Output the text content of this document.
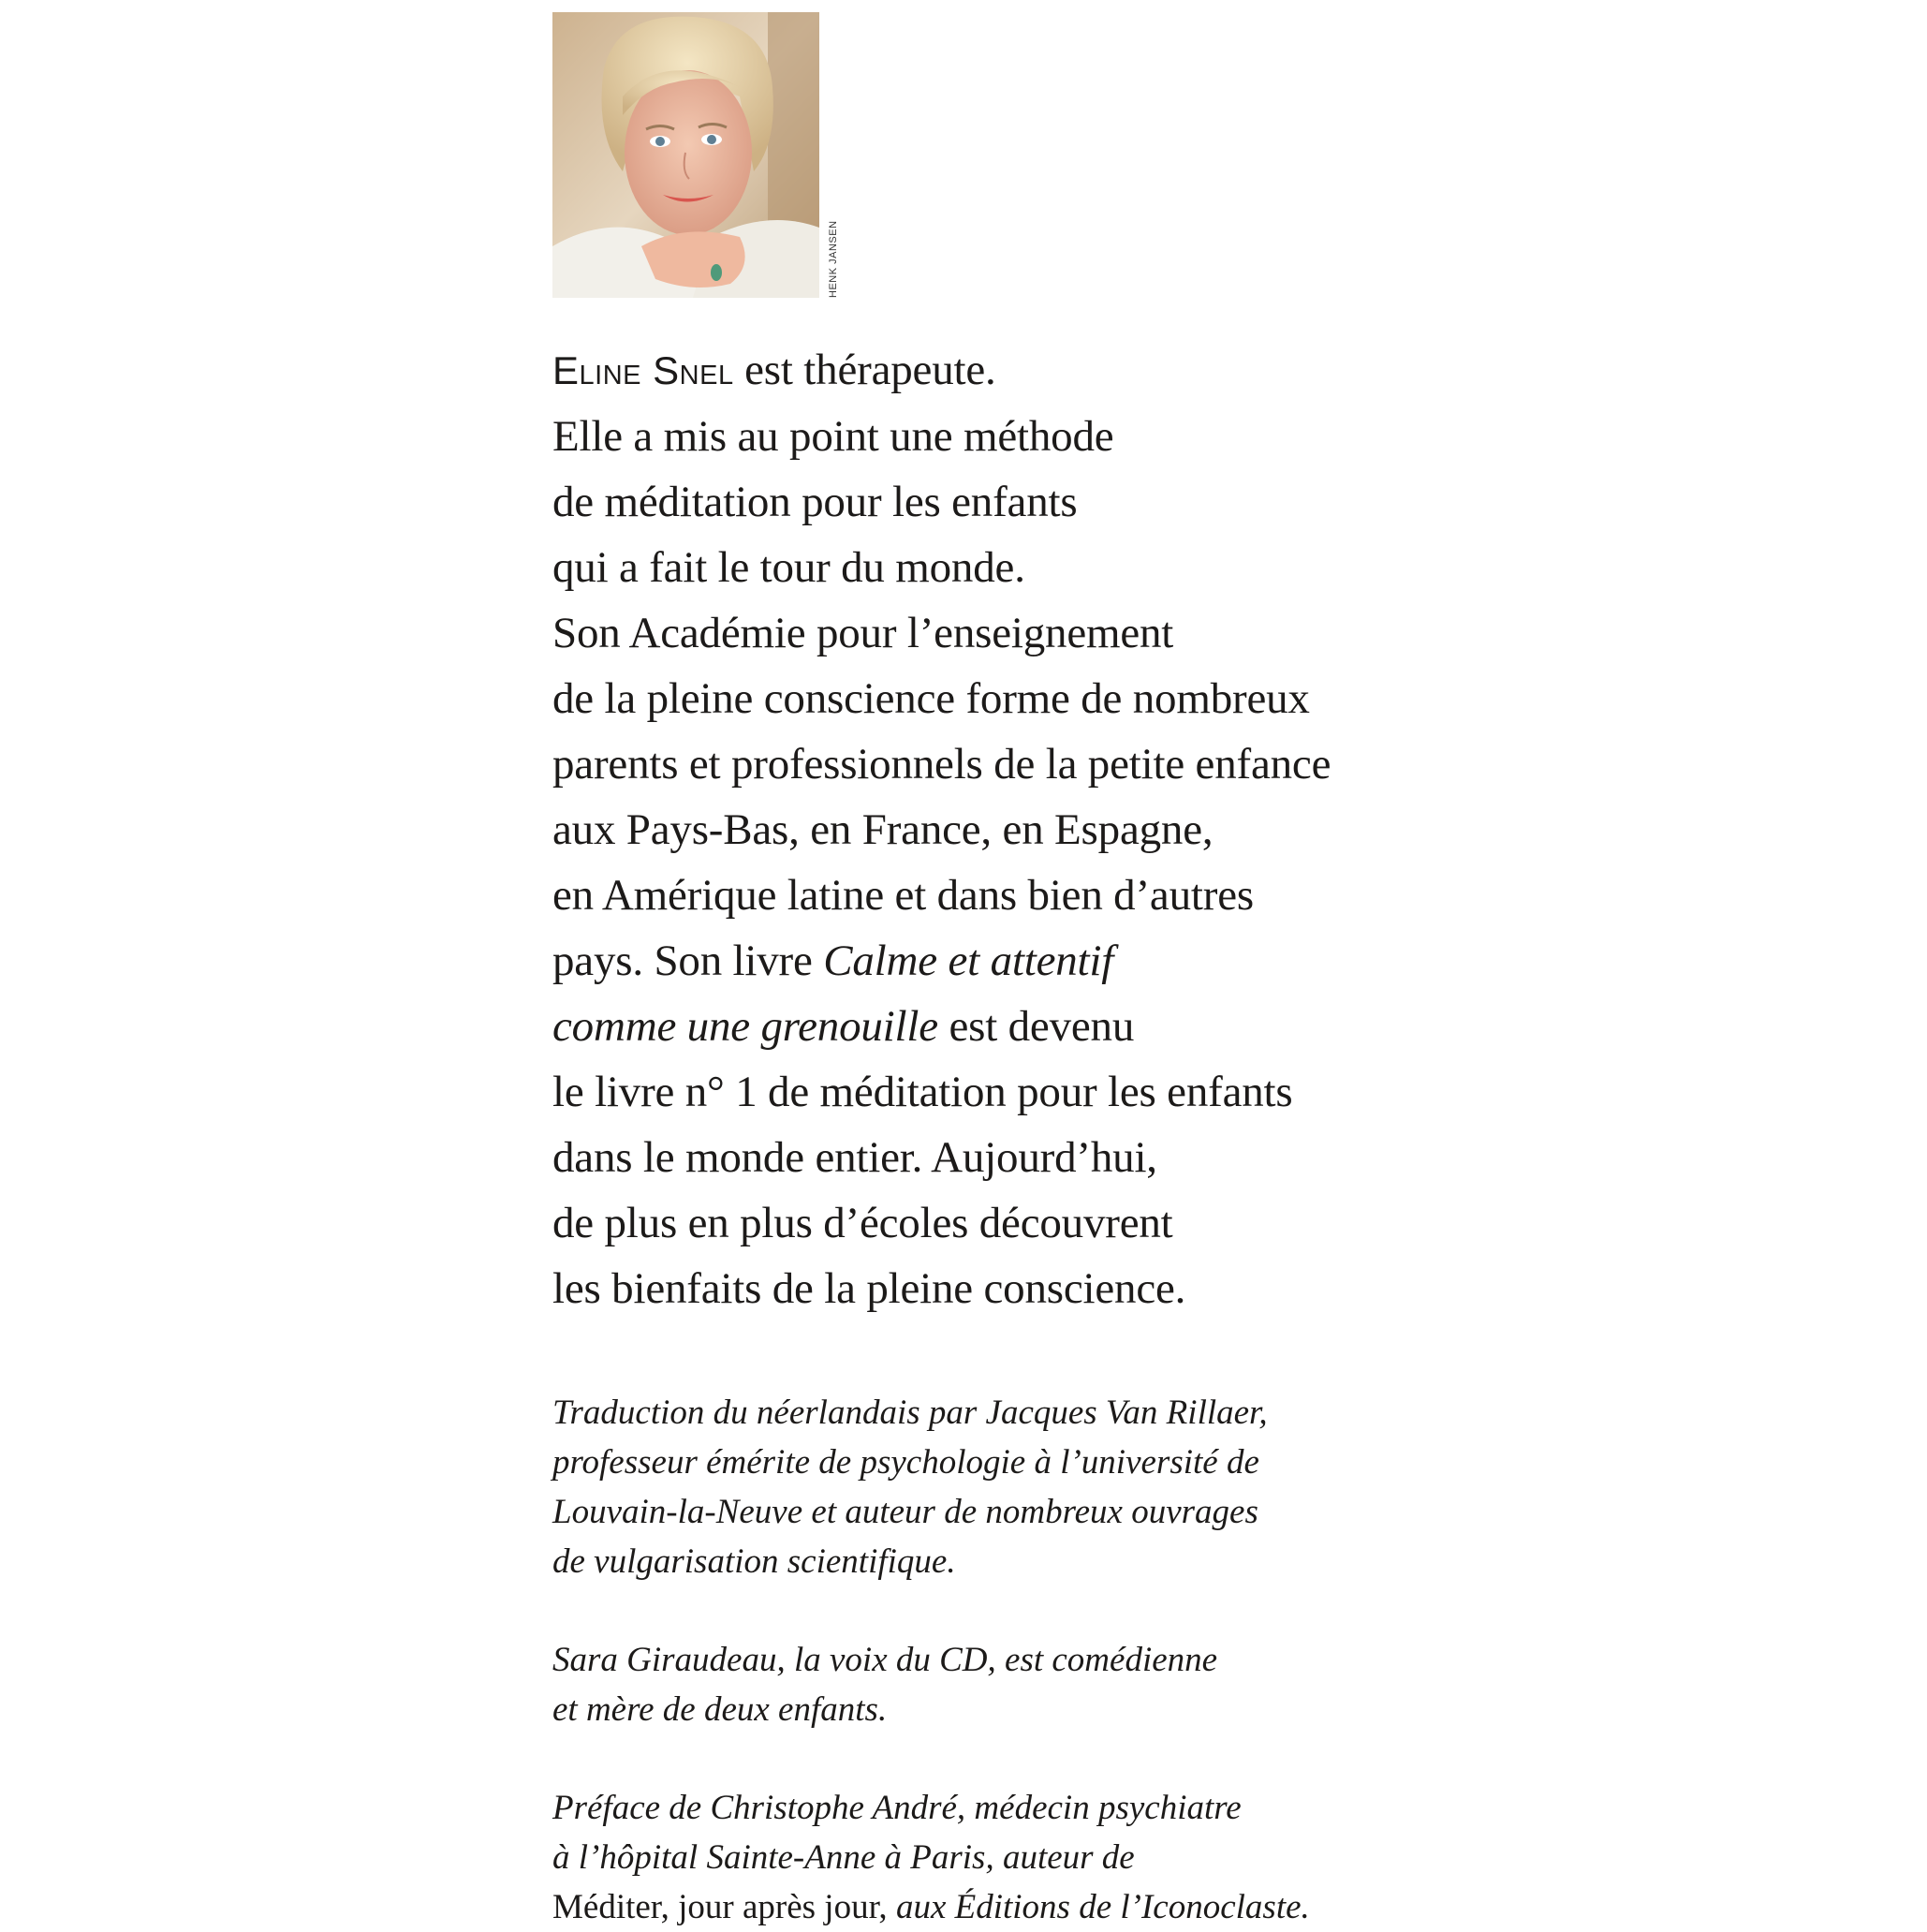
HENK JANSEN
Eline Snel est thérapeute.
Elle a mis au point une méthode
de méditation pour les enfants
qui a fait le tour du monde.
Son Académie pour l’enseignement
de la pleine conscience forme de nombreux
parents et professionnels de la petite enfance
aux Pays-Bas, en France, en Espagne,
en Amérique latine et dans bien d’autres
pays. Son livre Calme et attentif
comme une grenouille est devenu
le livre n° 1 de méditation pour les enfants
dans le monde entier. Aujourd’hui,
de plus en plus d’écoles découvrent
les bienfaits de la pleine conscience.
Traduction du néerlandais par Jacques Van Rillaer,
professeur émérite de psychologie à l’université de
Louvain-la-Neuve et auteur de nombreux ouvrages
de vulgarisation scientifique.
Sara Giraudeau, la voix du CD, est comédienne
et mère de deux enfants.
Préface de Christophe André, médecin psychiatre
à l’hôpital Sainte-Anne à Paris, auteur de
Méditer, jour après jour, aux Éditions de l’Iconoclaste.
